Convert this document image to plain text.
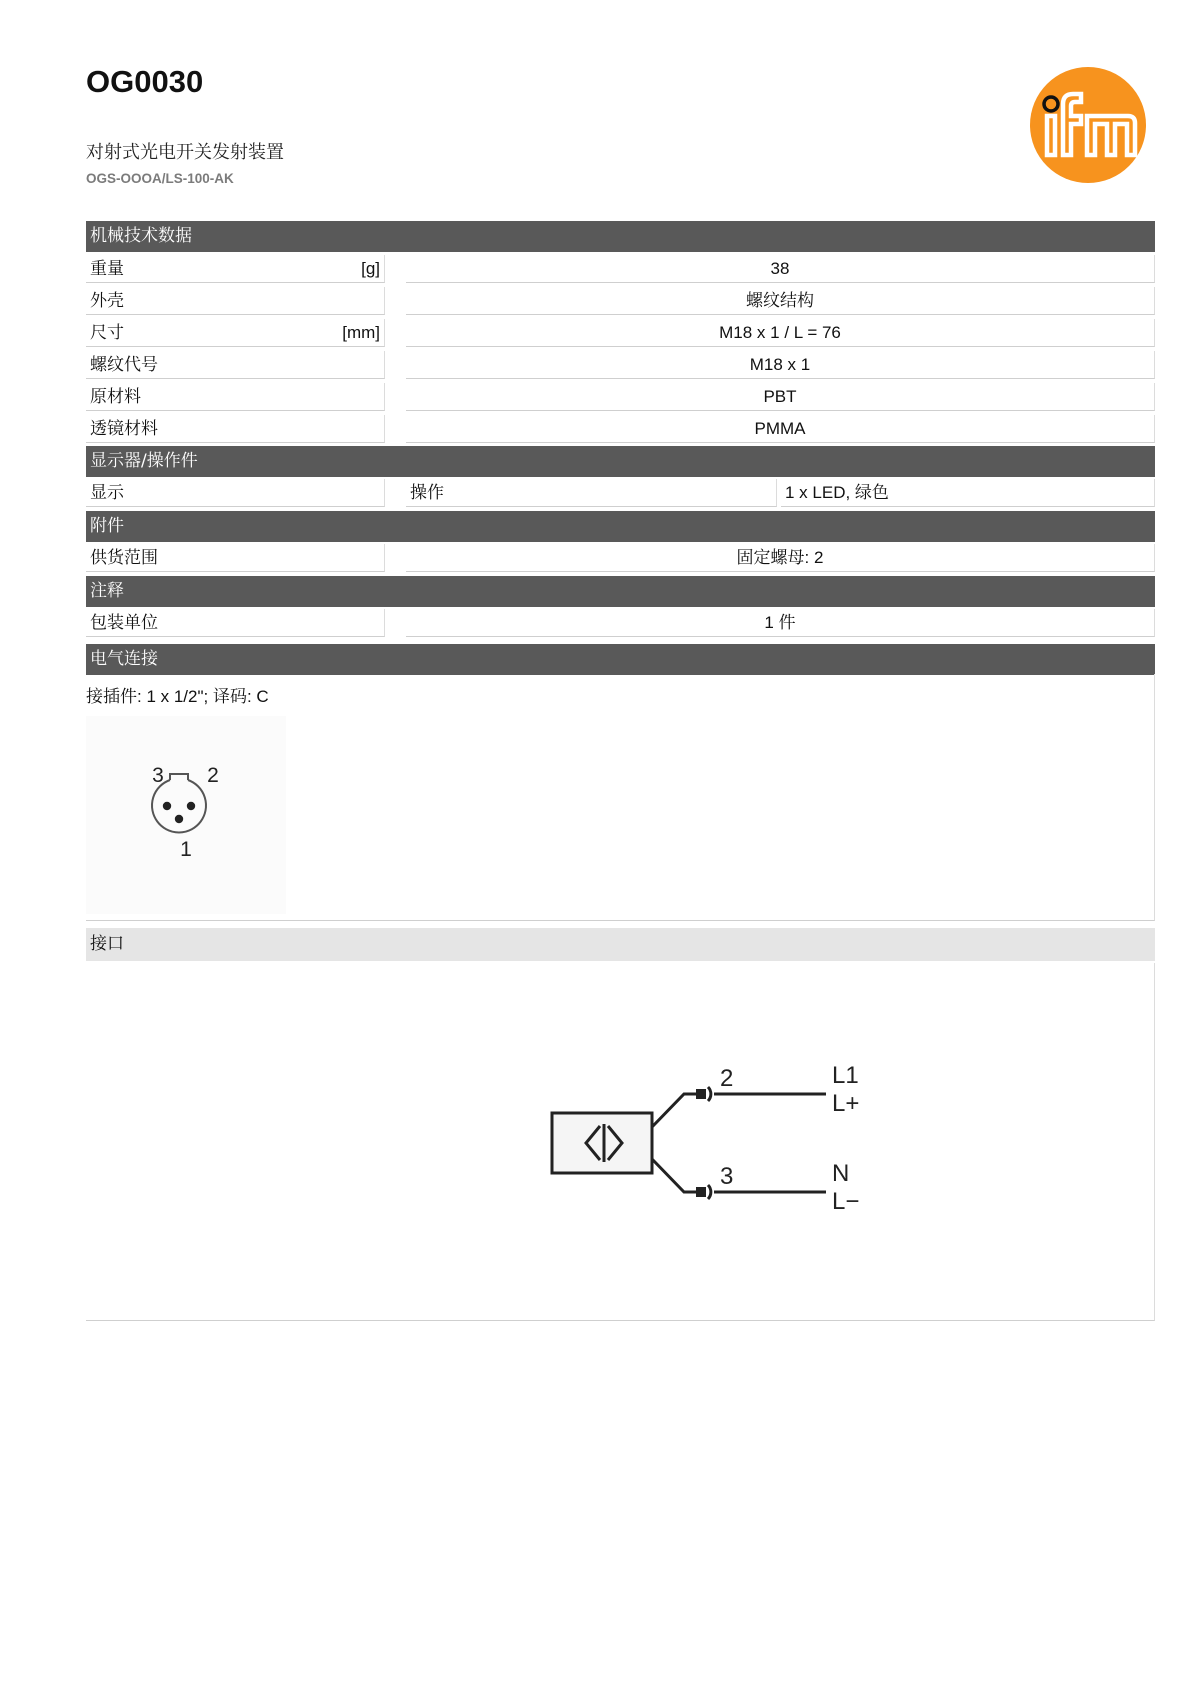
OG0030
对射式光电开关发射装置
OGS-OOOA/LS-100-AK
机械技术数据
重量	[g]	38
外壳	螺纹结构
尺寸	[mm]	M18 x 1 / L = 76
螺纹代号	M18 x 1
原材料	PBT
透镜材料	PMMA
显示器/操作件
显示	操作	1 x LED, 绿色
附件
供货范围	固定螺母: 2
注释
包装单位	1 件
电气连接
接插件: 1 x 1/2"; 译码: C
3 2
1
接口
2
3
L1
L+
N
L−
